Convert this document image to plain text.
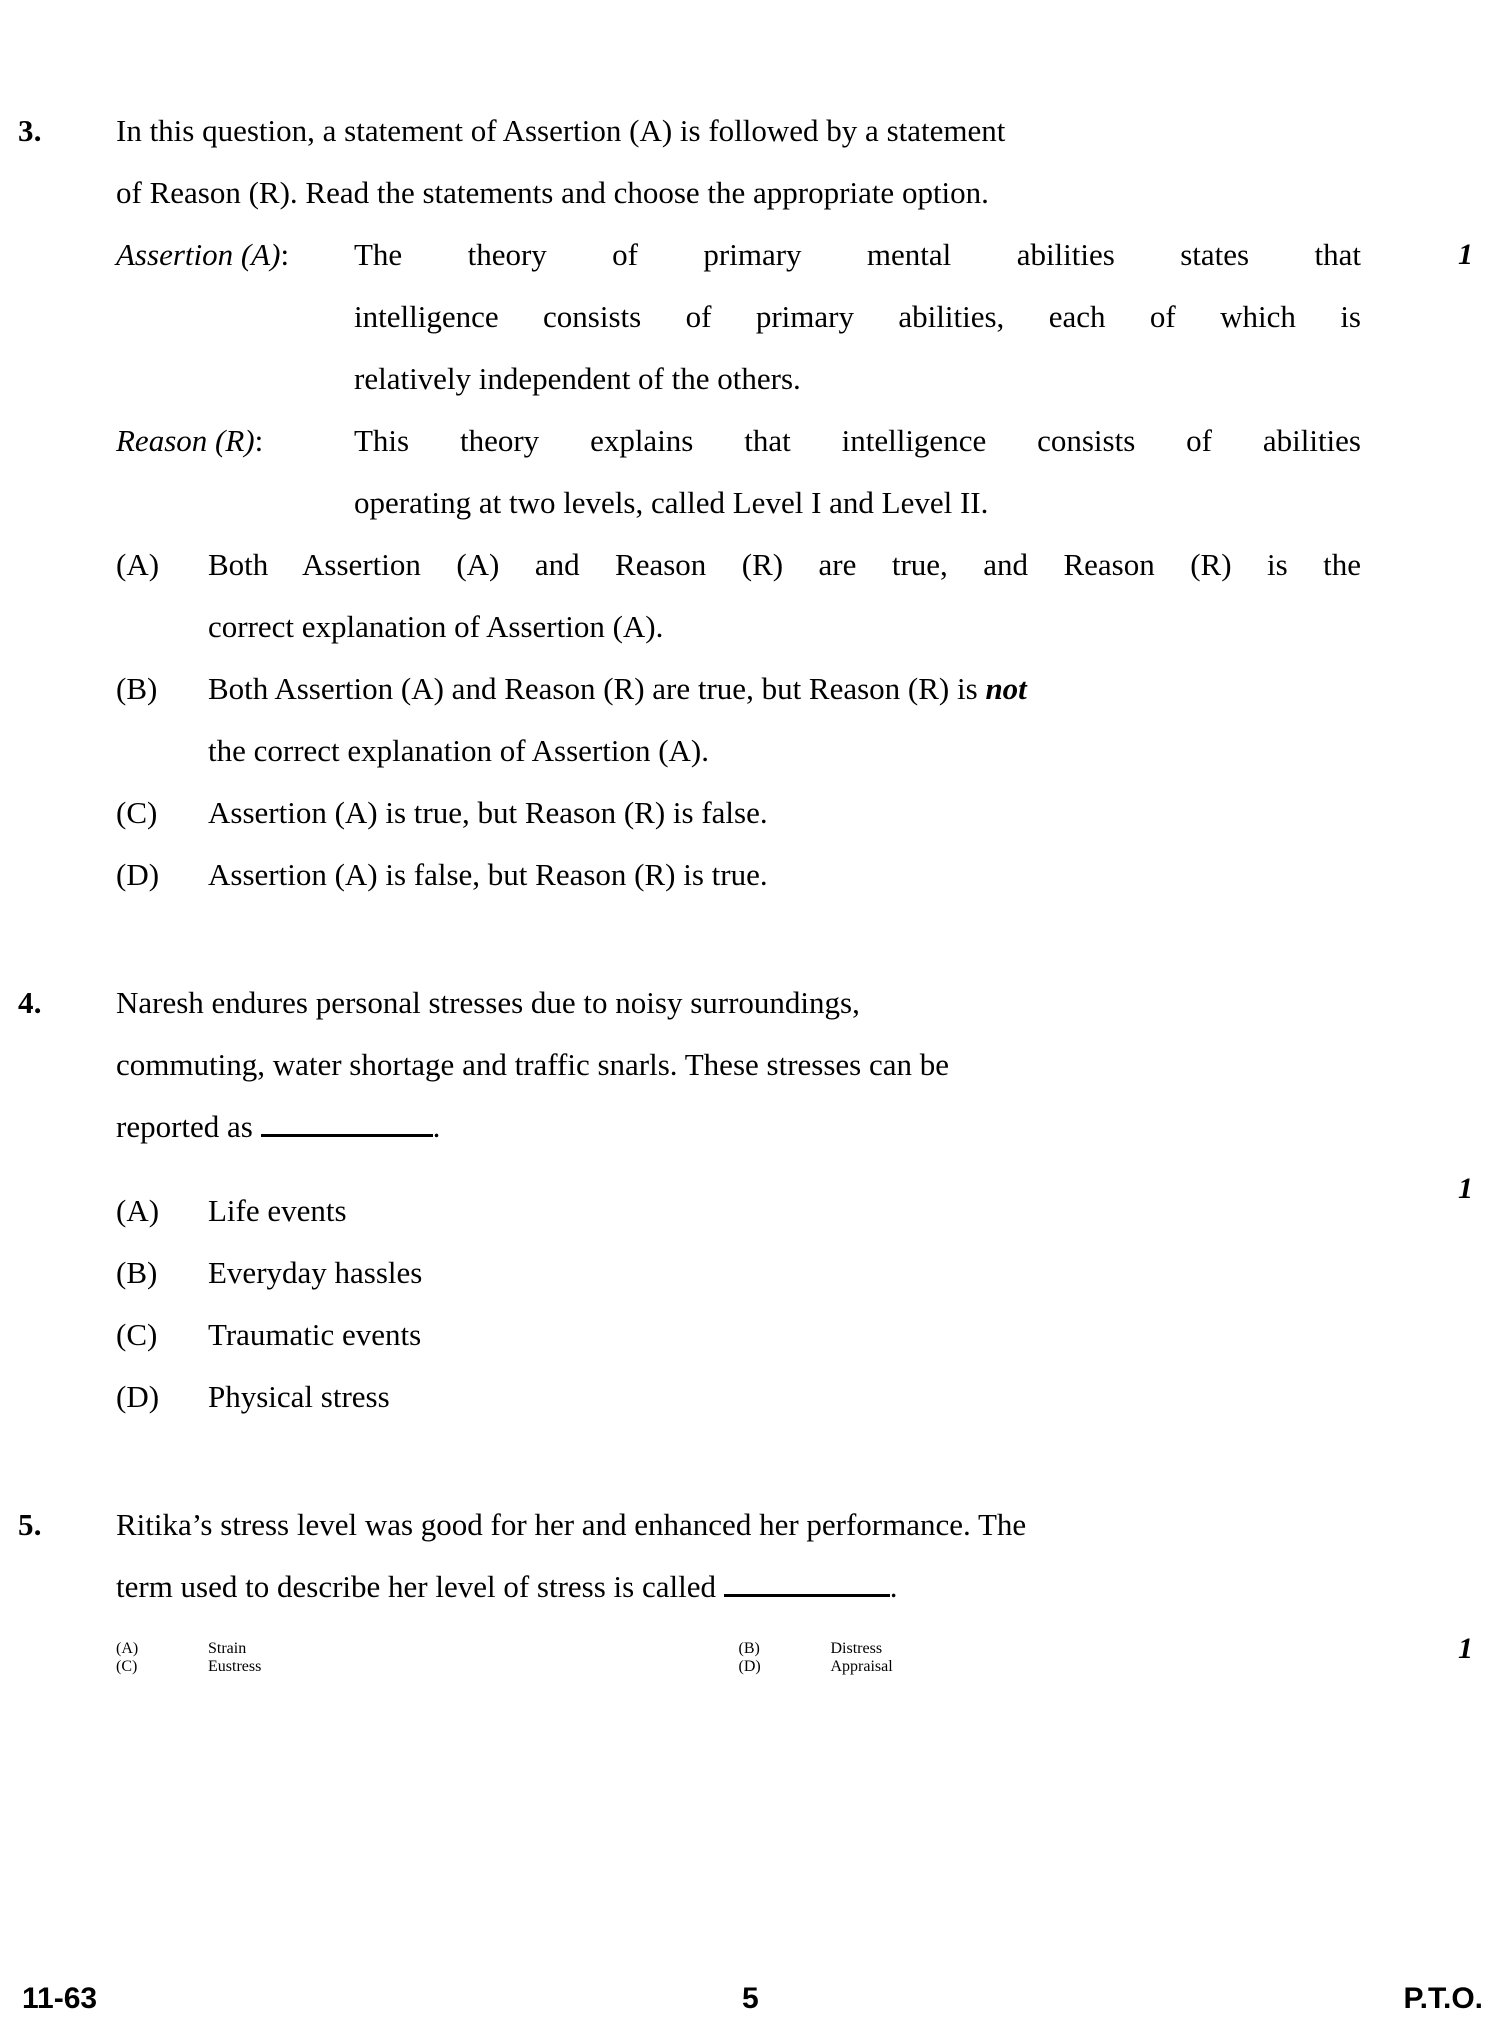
3.	In this question, a statement of Assertion (A) is followed by a statement
of Reason (R). Read the statements and choose the appropriate option.
1
Assertion (A):	The theory of primary mental abilities states that
intelligence consists of primary abilities, each of which is
relatively independent of the others.
Reason (R):	This theory explains that intelligence consists of abilities
operating at two levels, called Level I and Level II.
(A)	Both Assertion (A) and Reason (R) are true, and Reason (R) is the
correct explanation of Assertion (A).
(B)	Both Assertion (A) and Reason (R) are true, but Reason (R) is not
the correct explanation of Assertion (A).
(C)	Assertion (A) is true, but Reason (R) is false.
(D)	Assertion (A) is false, but Reason (R) is true.
4.	Naresh endures personal stresses due to noisy surroundings,
commuting, water shortage and traffic snarls. These stresses can be
reported as	.
1
(A)	Life events
(B)	Everyday hassles
(C)	Traumatic events
(D)	Physical stress
5.	Ritika’s stress level was good for her and enhanced her performance. The
term used to describe her level of stress is called	.
1
(A)	Strain	(B)	Distress
(C)	Eustress	(D)	Appraisal
11-63	5	P.T.O.
